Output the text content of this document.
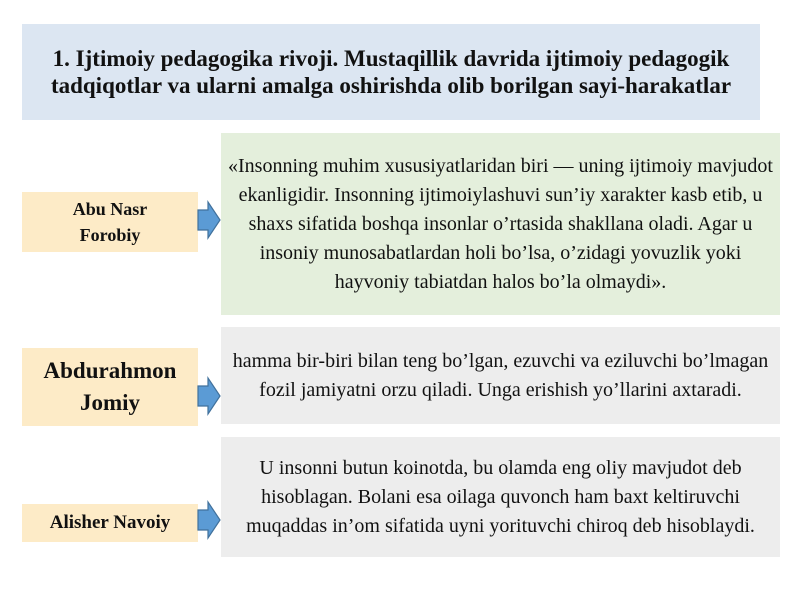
1. Ijtimoiy pedagogika rivoji. Mustaqillik davrida ijtimoiy pedagogik tadqiqotlar va ularni amalga oshirishda olib borilgan sayi-harakatlar
Abu Nasr Forobiy
«Insonning muhim xususiyatlaridan biri — uning ijtimoiy mavjudot ekanligidir. Insonning ijtimoiylashuvi sun’iy xarakter kasb etib, u shaxs sifatida boshqa insonlar o’rtasida shakllana oladi. Agar u insoniy munosabatlardan holi bo’lsa, o’zidagi yovuzlik yoki hayvoniy tabiatdan halos bo’la olmaydi».
Abdurahmon Jomiy
hamma bir-biri bilan teng bo’lgan, ezuvchi va eziluvchi bo’lmagan fozil jamiyatni orzu qiladi. Unga erishish yo’llarini axtaradi.
Alisher Navoiy
U insonni butun koinotda, bu olamda eng oliy mavjudot deb hisoblagan. Bolani esa oilaga quvonch ham baxt keltiruvchi muqaddas in’om sifatida uyni yorituvchi chiroq deb hisoblaydi.
